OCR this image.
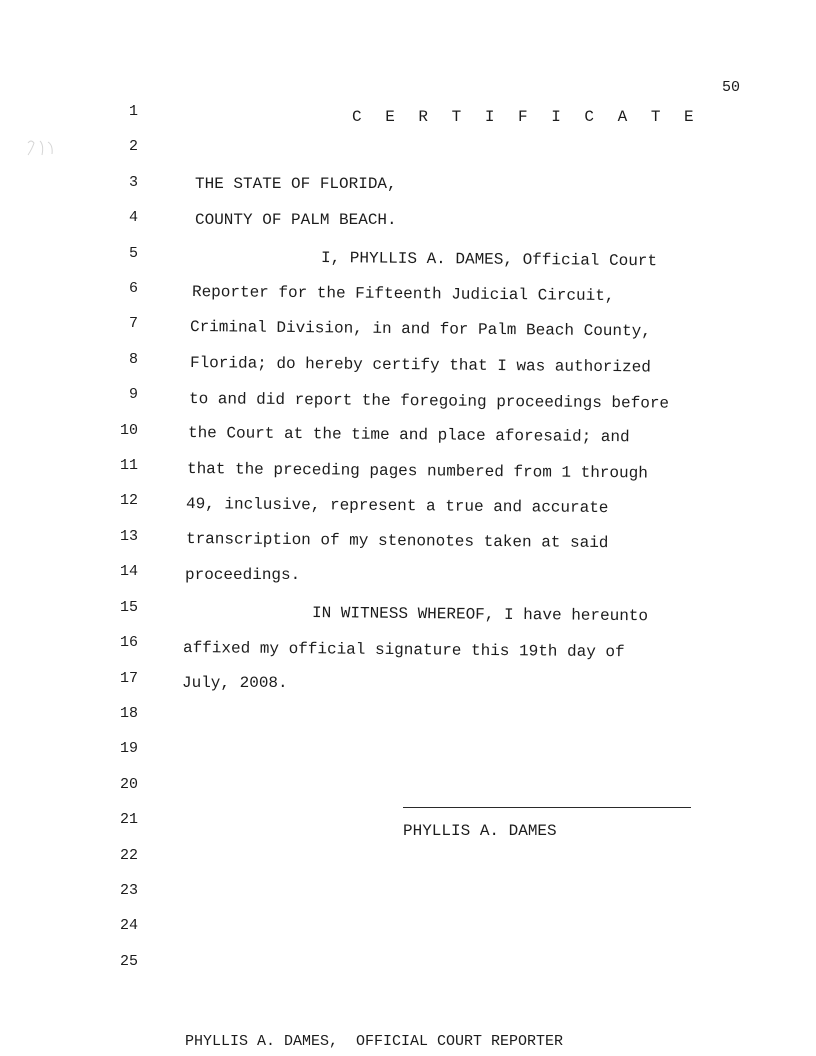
50
1
2
3
4
5
6
7
8
9
10
11
12
13
14
15
16
17
18
19
20
21
22
23
24
25
C E R T I F I C A T E
THE STATE OF FLORIDA,
COUNTY OF PALM BEACH.
I, PHYLLIS A. DAMES, Official Court
Reporter for the Fifteenth Judicial Circuit,
Criminal Division, in and for Palm Beach County,
Florida; do hereby certify that I was authorized
to and did report the foregoing proceedings before
the Court at the time and place aforesaid; and
that the preceding pages numbered from 1 through
49, inclusive, represent a true and accurate
transcription of my stenonotes taken at said
proceedings.
IN WITNESS WHEREOF, I have hereunto
affixed my official signature this 19th day of
July, 2008.
PHYLLIS A. DAMES
PHYLLIS A. DAMES,  OFFICIAL COURT REPORTER
